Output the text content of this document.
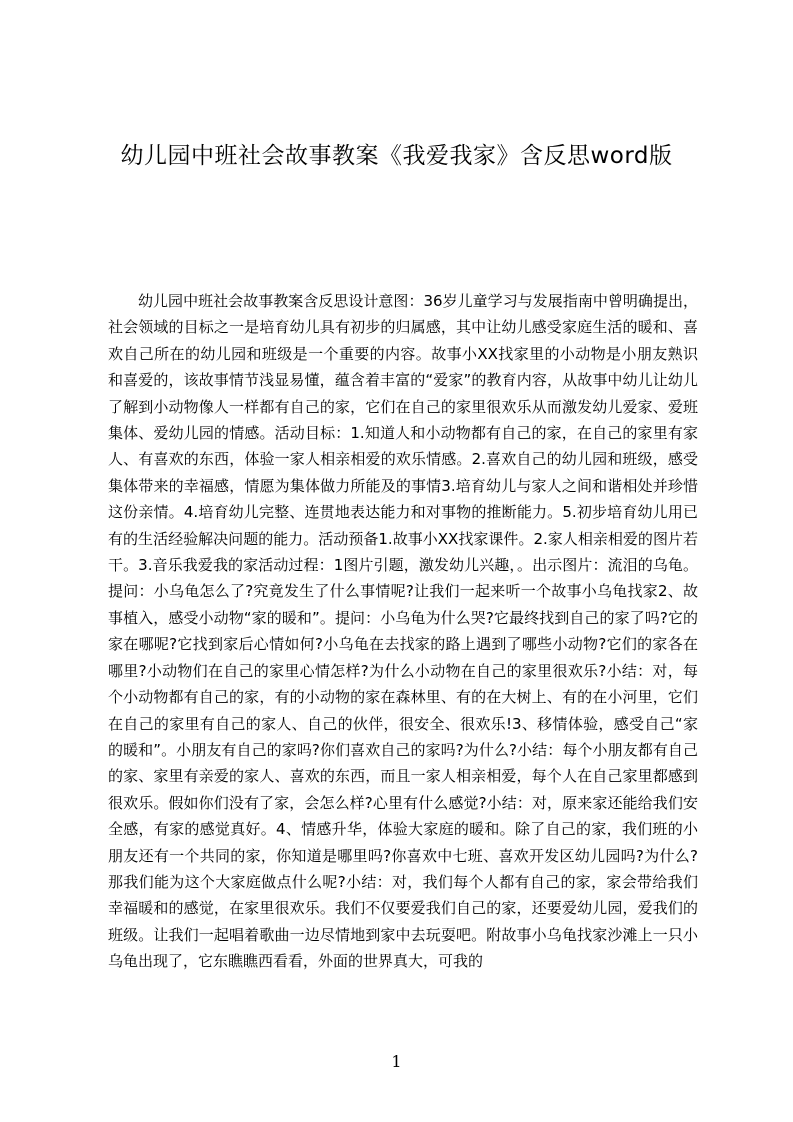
幼儿园中班社会故事教案《我爱我家》含反思word版

幼儿园中班社会故事教案含反思设计意图：36岁儿童学习与发展指南中曾明确提出，社会领域的目标之一是培育幼儿具有初步的归属感，其中让幼儿感受家庭生活的暖和、喜欢自己所在的幼儿园和班级是一个重要的内容。故事小XX找家里的小动物是小朋友熟识和喜爱的，该故事情节浅显易懂，蕴含着丰富的“爱家”的教育内容，从故事中幼儿让幼儿了解到小动物像人一样都有自己的家，它们在自己的家里很欢乐从而激发幼儿爱家、爱班集体、爱幼儿园的情感。活动目标：1.知道人和小动物都有自己的家，在自己的家里有家人、有喜欢的东西，体验一家人相亲相爱的欢乐情感。2.喜欢自己的幼儿园和班级，感受集体带来的幸福感，情愿为集体做力所能及的事情3.培育幼儿与家人之间和谐相处并珍惜这份亲情。4.培育幼儿完整、连贯地表达能力和对事物的推断能力。5.初步培育幼儿用已有的生活经验解决问题的能力。活动预备1.故事小XX找家课件。2.家人相亲相爱的图片若干。3.音乐我爱我的家活动过程：1图片引题，激发幼儿兴趣，。出示图片：流泪的乌龟。提问：小乌龟怎么了?究竟发生了什么事情呢?让我们一起来听一个故事小乌龟找家2、故事植入，感受小动物“家的暖和”。提问：小乌龟为什么哭?它最终找到自己的家了吗?它的家在哪呢?它找到家后心情如何?小乌龟在去找家的路上遇到了哪些小动物?它们的家各在哪里?小动物们在自己的家里心情怎样?为什么小动物在自己的家里很欢乐?小结：对，每个小动物都有自己的家，有的小动物的家在森林里、有的在大树上、有的在小河里，它们在自己的家里有自己的家人、自己的伙伴，很安全、很欢乐!3、移情体验，感受自己“家的暖和”。小朋友有自己的家吗?你们喜欢自己的家吗?为什么?小结：每个小朋友都有自己的家、家里有亲爱的家人、喜欢的东西，而且一家人相亲相爱，每个人在自己家里都感到很欢乐。假如你们没有了家，会怎么样?心里有什么感觉?小结：对，原来家还能给我们安全感，有家的感觉真好。4、情感升华，体验大家庭的暖和。除了自己的家，我们班的小朋友还有一个共同的家，你知道是哪里吗?你喜欢中七班、喜欢开发区幼儿园吗?为什么?那我们能为这个大家庭做点什么呢?小结：对，我们每个人都有自己的家，家会带给我们幸福暖和的感觉，在家里很欢乐。我们不仅要爱我们自己的家，还要爱幼儿园，爱我们的班级。让我们一起唱着歌曲一边尽情地到家中去玩耍吧。附故事小乌龟找家沙滩上一只小乌龟出现了，它东瞧瞧西看看，外面的世界真大，可我的

1
